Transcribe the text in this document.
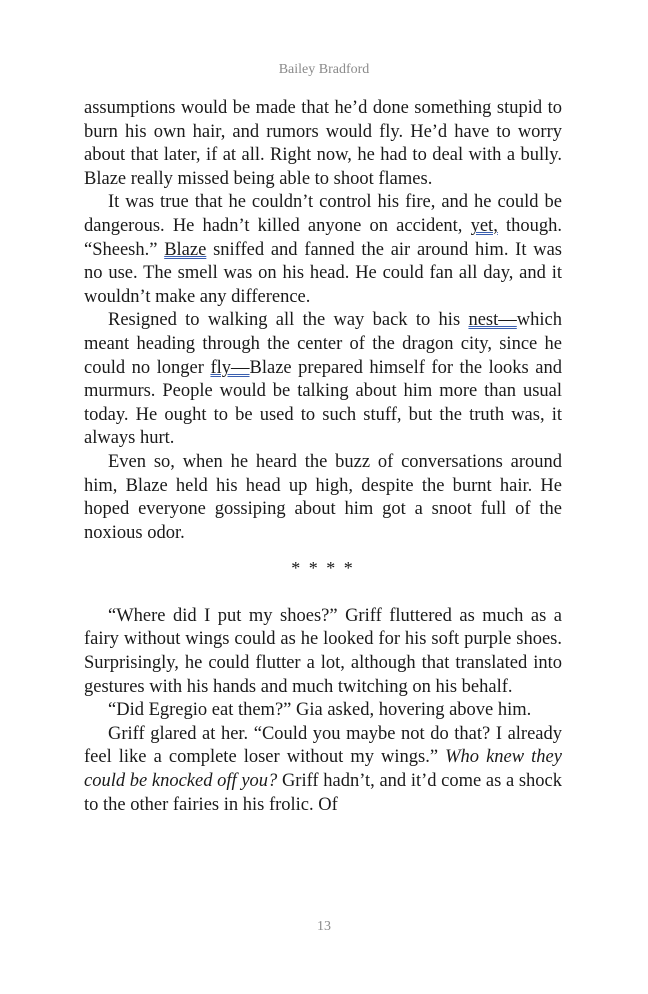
Bailey Bradford

assumptions would be made that he’d done something stupid to burn his own hair, and rumors would fly. He’d have to worry about that later, if at all. Right now, he had to deal with a bully. Blaze really missed being able to shoot flames.

It was true that he couldn’t control his fire, and he could be dangerous. He hadn’t killed anyone on accident, yet, though. “Sheesh.” Blaze sniffed and fanned the air around him. It was no use. The smell was on his head. He could fan all day, and it wouldn’t make any difference.

Resigned to walking all the way back to his nest—which meant heading through the center of the dragon city, since he could no longer fly—Blaze prepared himself for the looks and murmurs. People would be talking about him more than usual today. He ought to be used to such stuff, but the truth was, it always hurt.

Even so, when he heard the buzz of conversations around him, Blaze held his head up high, despite the burnt hair. He hoped everyone gossiping about him got a snoot full of the noxious odor.

* * * *

“Where did I put my shoes?” Griff fluttered as much as a fairy without wings could as he looked for his soft purple shoes. Surprisingly, he could flutter a lot, although that translated into gestures with his hands and much twitching on his behalf.

“Did Egregio eat them?” Gia asked, hovering above him.

Griff glared at her. “Could you maybe not do that? I already feel like a complete loser without my wings.” Who knew they could be knocked off you? Griff hadn’t, and it’d come as a shock to the other fairies in his frolic. Of

13
